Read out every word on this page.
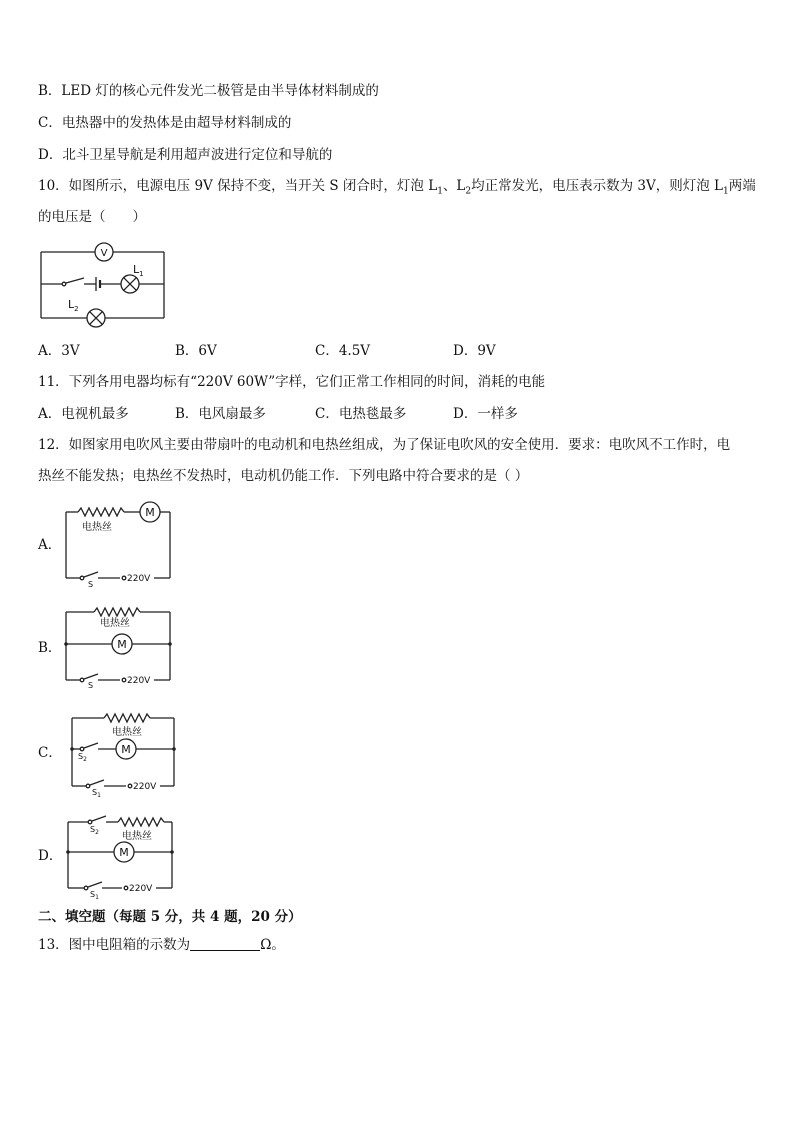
B．LED 灯的核心元件发光二极管是由半导体材料制成的
C．电热器中的发热体是由超导材料制成的
D．北斗卫星导航是利用超声波进行定位和导航的
10．如图所示，电源电压 9V 保持不变，当开关 S 闭合时，灯泡 $L_1$、$L_2$均正常发光，电压表示数为 3V，则灯泡 $L_1$两端
的电压是（　　）
V
$L_1$
$L_2$
A．3V	B．6V	C．4.5V	D．9V
11．下列各用电器均标有“220V 60W”字样，它们正常工作相同的时间，消耗的电能
A．电视机最多	B．电风扇最多	C．电热毯最多	D．一样多
12．如图家用电吹风主要由带扇叶的电动机和电热丝组成，为了保证电吹风的安全使用．要求：电吹风不工作时，电
热丝不能发热；电热丝不发热时，电动机仍能工作．下列电路中符合要求的是（ ）
A．
M
电热丝
S
220V
B．
电热丝
M
S	220V
C．
电热丝
$S_2$
M
$S_1$
220V
D．
$S_2$ 电热丝
M
$S_1$
220V
二、填空题（每题 5 分，共 4 题，20 分）
13．图中电阻箱的示数为	Ω。
